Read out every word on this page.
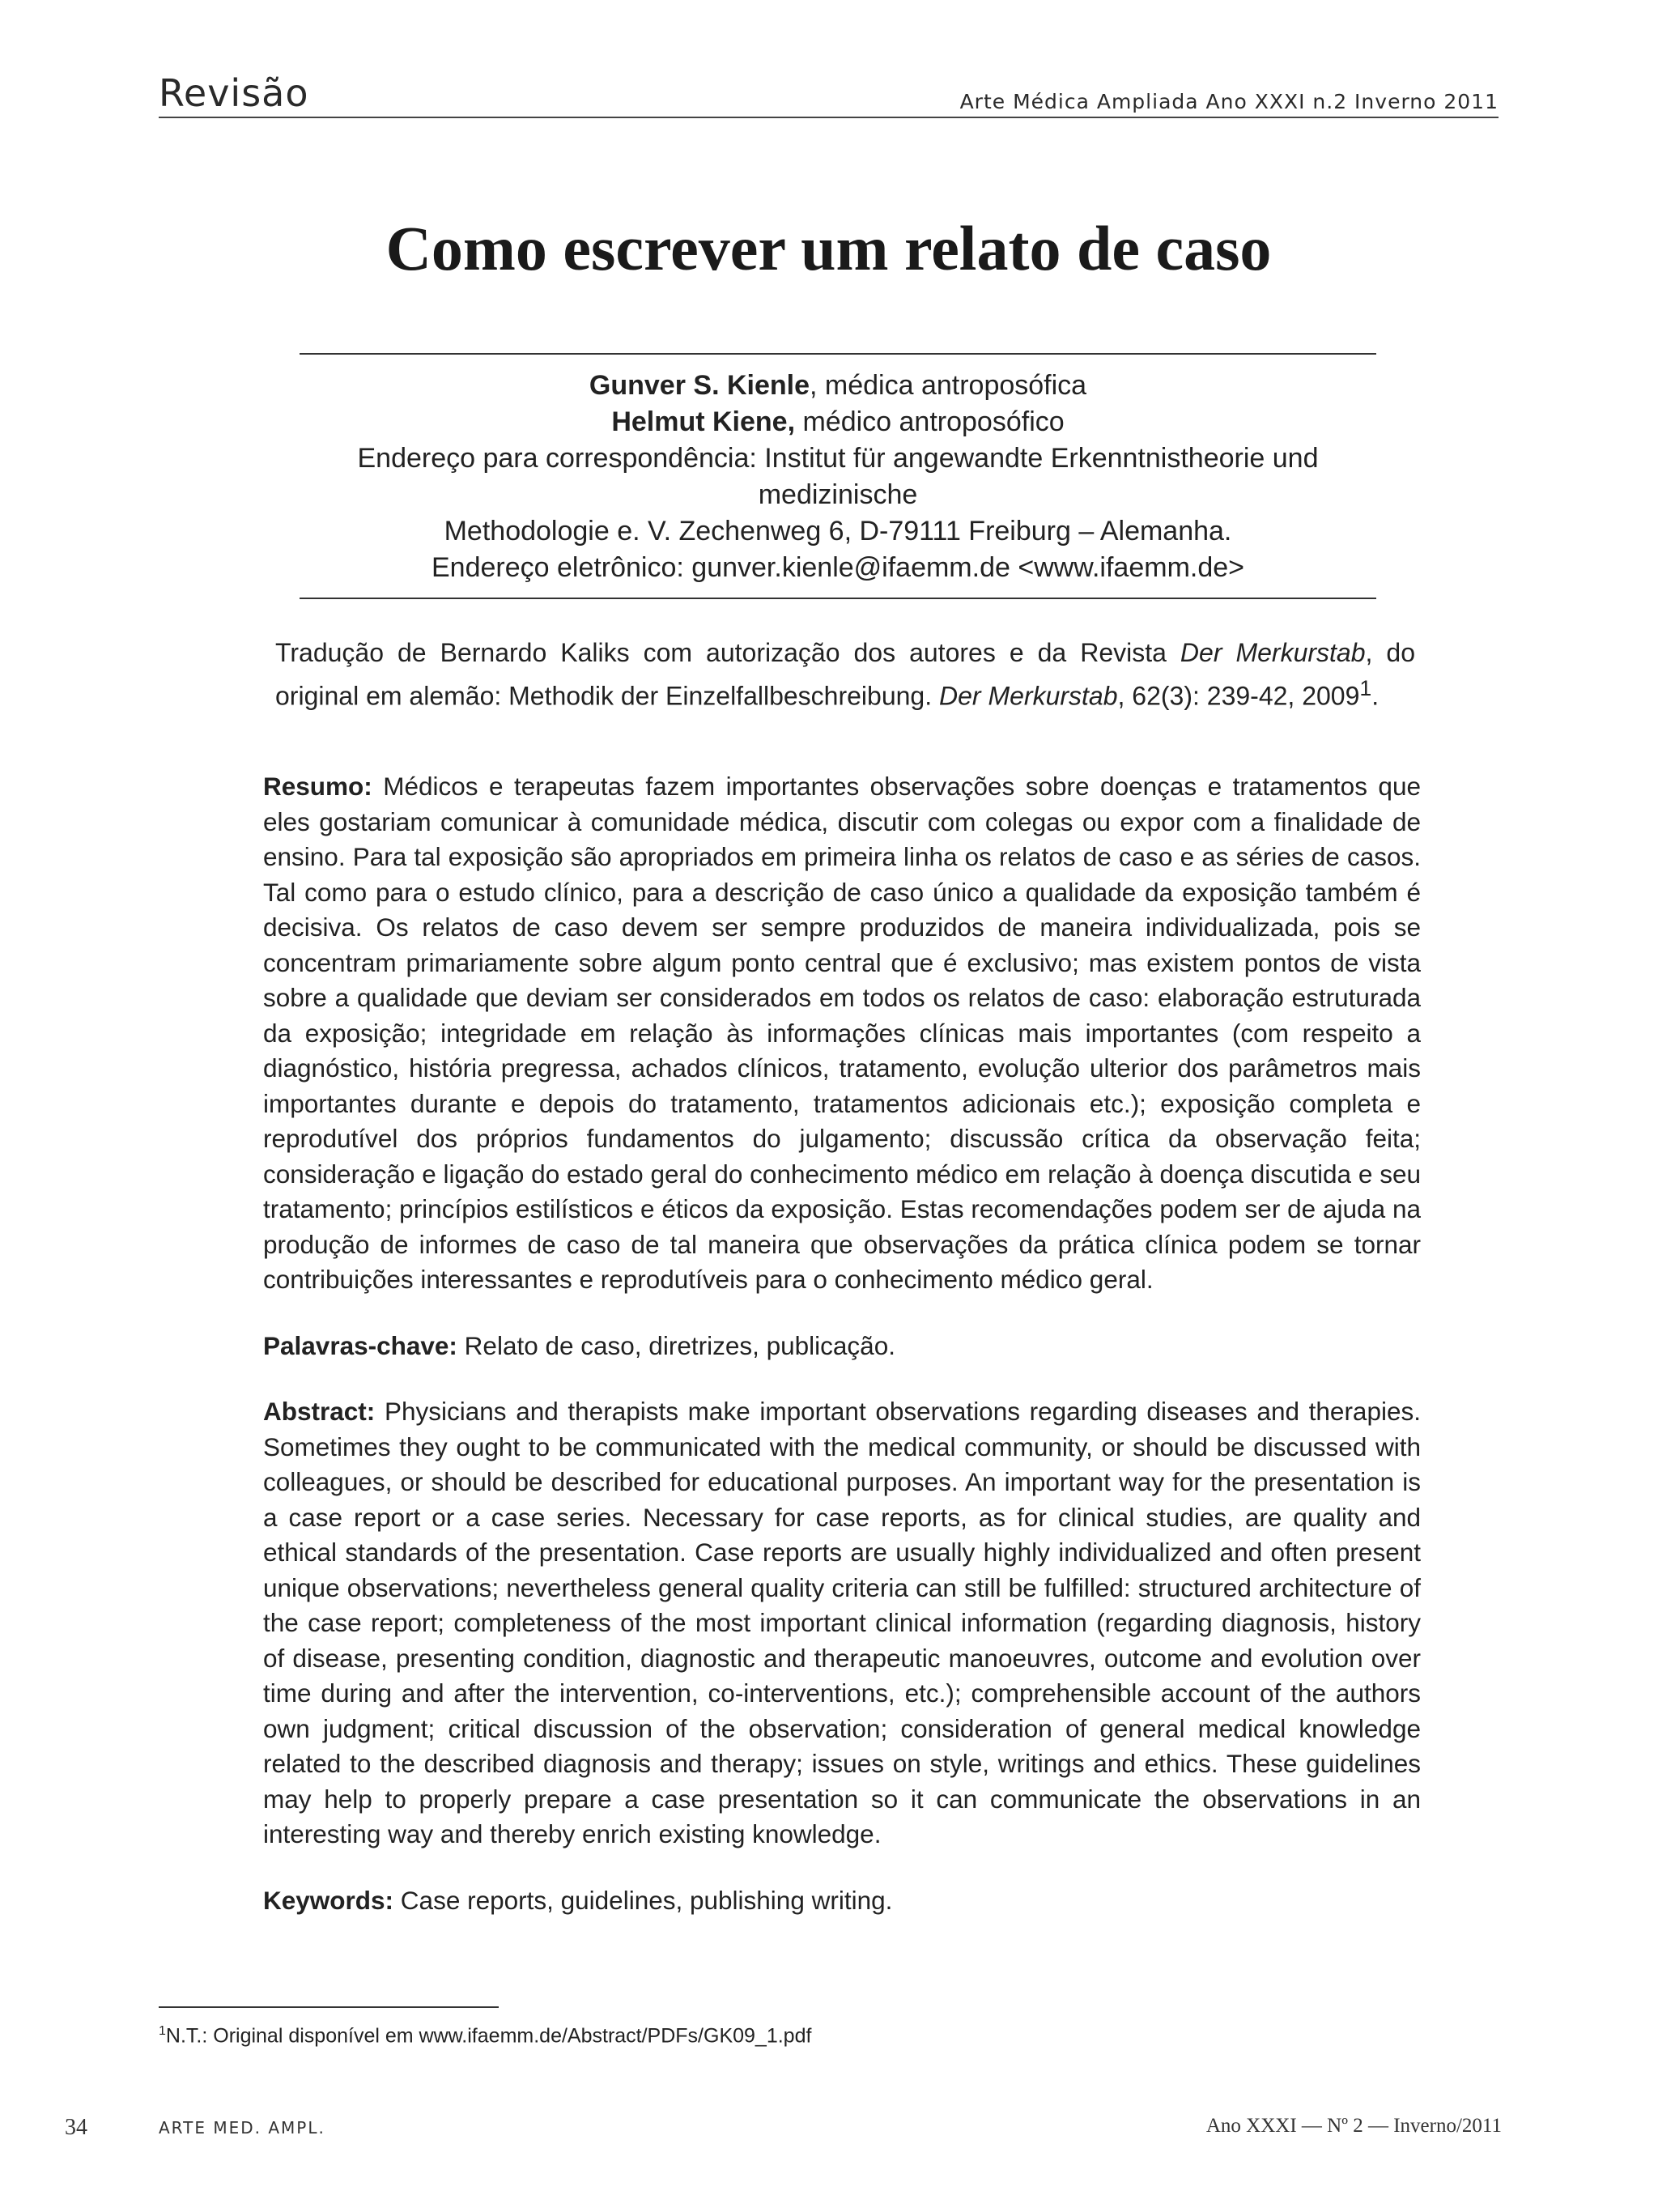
Revisão	Arte Médica Ampliada Ano XXXI n.2 Inverno 2011
Como escrever um relato de caso
Gunver S. Kienle, médica antroposófica
Helmut Kiene, médico antroposófico
Endereço para correspondência: Institut für angewandte Erkenntnistheorie und medizinische
Methodologie e. V. Zechenweg 6, D-79111 Freiburg – Alemanha.
Endereço eletrônico: gunver.kienle@ifaemm.de <www.ifaemm.de>
Tradução de Bernardo Kaliks com autorização dos autores e da Revista Der Merkurstab, do original em alemão: Methodik der Einzelfallbeschreibung. Der Merkurstab, 62(3): 239-42, 2009$^1$.

Resumo: Médicos e terapeutas fazem importantes observações sobre doenças e tratamentos que eles gostariam comunicar à comunidade médica, discutir com colegas ou expor com a finalidade de ensino. Para tal exposição são apropriados em primeira linha os relatos de caso e as séries de casos. Tal como para o estudo clínico, para a descrição de caso único a qualidade da exposição também é decisiva. Os relatos de caso devem ser sempre produzidos de maneira individualizada, pois se concentram primariamente sobre algum ponto central que é exclusivo; mas existem pontos de vista sobre a qualidade que deviam ser considerados em todos os relatos de caso: elaboração estruturada da exposição; integridade em relação às informações clínicas mais importantes (com respeito a diagnóstico, história pregressa, achados clínicos, tratamento, evolução ulterior dos parâmetros mais importantes durante e depois do tratamento, tratamentos adicionais etc.); exposição completa e reprodutível dos próprios fundamentos do julgamento; discussão crítica da observação feita; consideração e ligação do estado geral do conhecimento médico em relação à doença discutida e seu tratamento; princípios estilísticos e éticos da exposição. Estas recomendações podem ser de ajuda na produção de informes de caso de tal maneira que observações da prática clínica podem se tornar contribuições interessantes e reprodutíveis para o conhecimento médico geral.

Palavras-chave: Relato de caso, diretrizes, publicação.

Abstract: Physicians and therapists make important observations regarding diseases and therapies. Sometimes they ought to be communicated with the medical community, or should be discussed with colleagues, or should be described for educational purposes. An important way for the presentation is a case report or a case series. Necessary for case reports, as for clinical studies, are quality and ethical standards of the presentation. Case reports are usually highly individualized and often present unique observations; nevertheless general quality criteria can still be fulfilled: structured architecture of the case report; completeness of the most important clinical information (regarding diagnosis, history of disease, presenting condition, diagnostic and therapeutic manoeuvres, outcome and evolution over time during and after the intervention, co-interventions, etc.); comprehensible account of the authors own judgment; critical discussion of the observation; consideration of general medical knowledge related to the described diagnosis and therapy; issues on style, writings and ethics. These guidelines may help to properly prepare a case presentation so it can communicate the observations in an interesting way and thereby enrich existing knowledge.

Keywords: Case reports, guidelines, publishing writing.

$^1$N.T.: Original disponível em www.ifaemm.de/Abstract/PDFs/GK09_1.pdf
34	ARTE MED. AMPL.	Ano XXXI — Nº 2 — Inverno/2011
